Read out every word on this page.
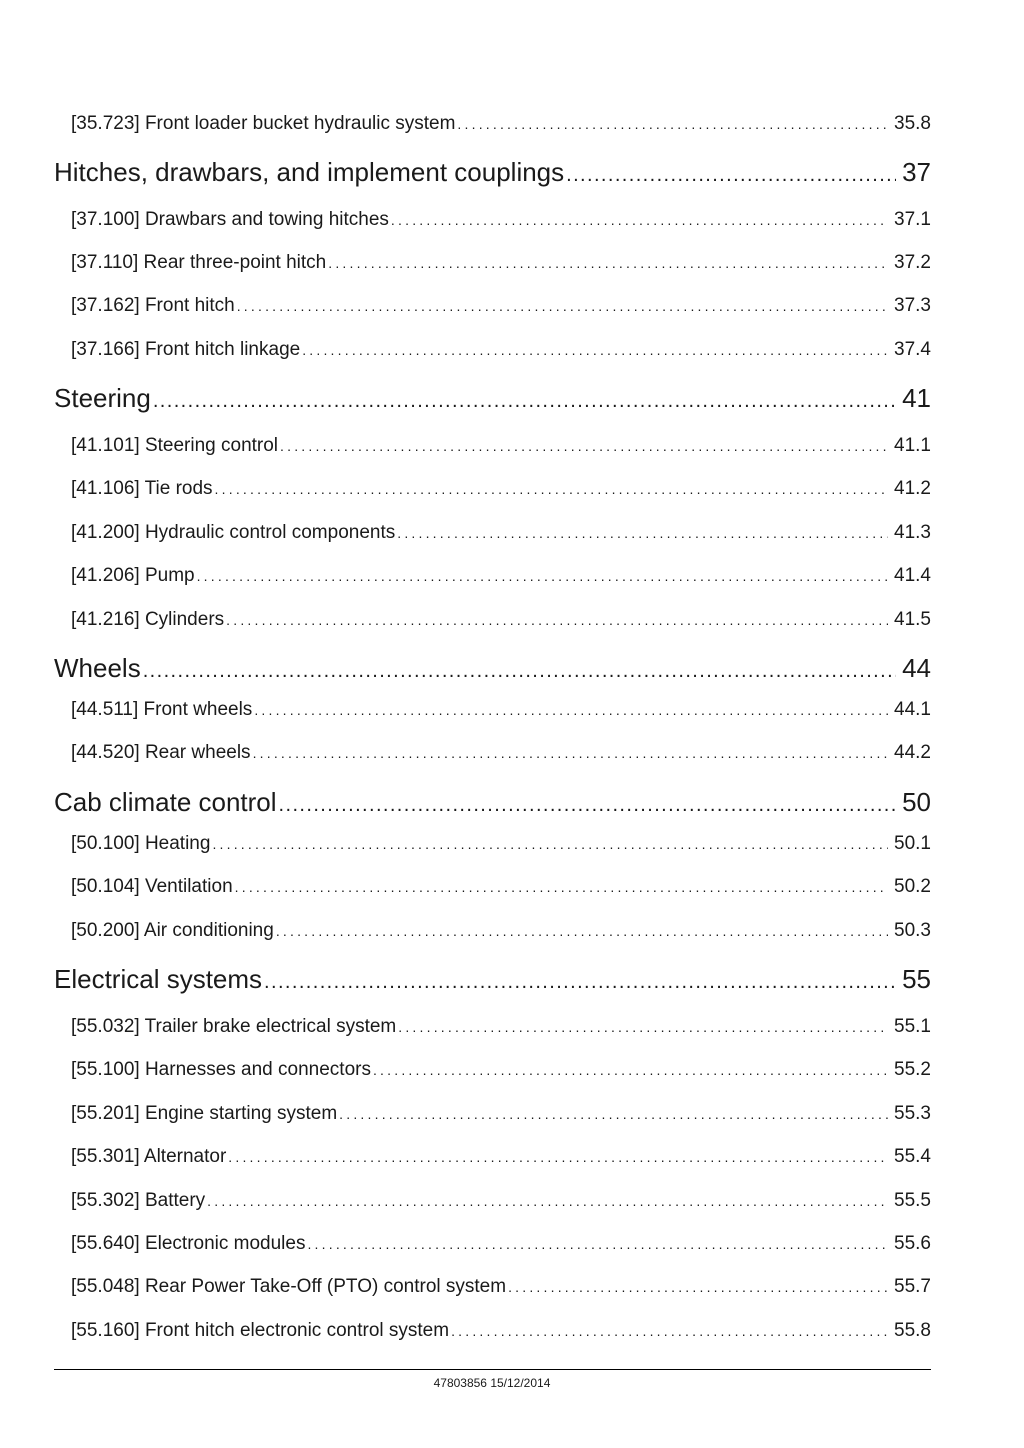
[35.723] Front loader bucket hydraulic system .....	35.8
Hitches, drawbars, and implement couplings .....	37
[37.100] Drawbars and towing hitches .....	37.1
[37.110] Rear three-point hitch .....	37.2
[37.162] Front hitch .....	37.3
[37.166] Front hitch linkage .....	37.4
Steering .....	41
[41.101] Steering control .....	41.1
[41.106] Tie rods .....	41.2
[41.200] Hydraulic control components .....	41.3
[41.206] Pump .....	41.4
[41.216] Cylinders .....	41.5
Wheels .....	44
[44.511] Front wheels .....	44.1
[44.520] Rear wheels .....	44.2
Cab climate control .....	50
[50.100] Heating .....	50.1
[50.104] Ventilation .....	50.2
[50.200] Air conditioning .....	50.3
Electrical systems .....	55
[55.032] Trailer brake electrical system .....	55.1
[55.100] Harnesses and connectors .....	55.2
[55.201] Engine starting system .....	55.3
[55.301] Alternator .....	55.4
[55.302] Battery .....	55.5
[55.640] Electronic modules .....	55.6
[55.048] Rear Power Take-Off (PTO) control system .....	55.7
[55.160] Front hitch electronic control system .....	55.8
47803856 15/12/2014
